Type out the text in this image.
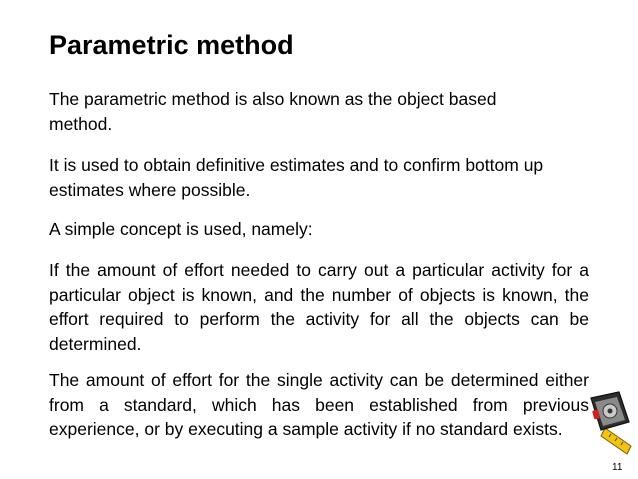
Parametric method

The parametric method is also known as the object based method.

It is used to obtain definitive estimates and to confirm bottom up estimates where possible.

A simple concept is used, namely:

If the amount of effort needed to carry out a particular activity for a particular object is known, and the number of objects is known, the effort required to perform the activity for all the objects can be determined.

The amount of effort for the single activity can be determined either from a standard, which has been established from previous experience, or by executing a sample activity if no standard exists.

11
